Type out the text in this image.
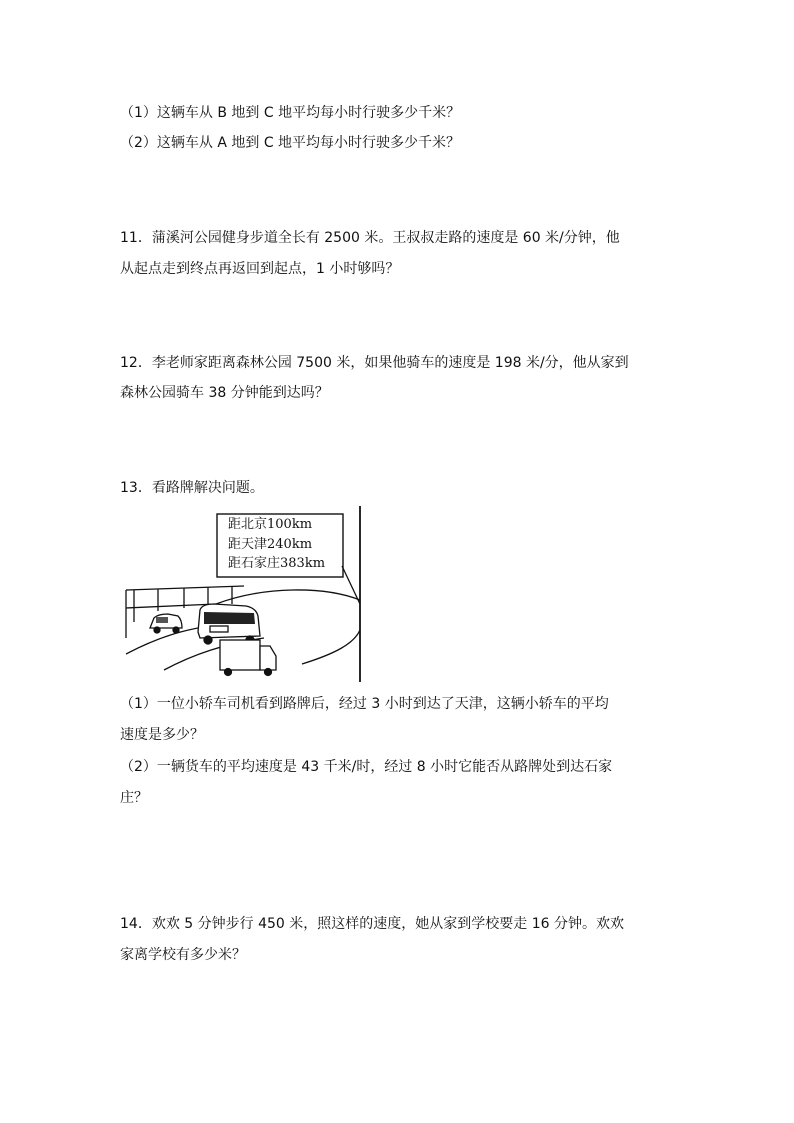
（1）这辆车从 B 地到 C 地平均每小时行驶多少千米？

（2）这辆车从 A 地到 C 地平均每小时行驶多少千米？

11．蒲溪河公园健身步道全长有 2500 米。王叔叔走路的速度是 60 米/分钟，他

从起点走到终点再返回到起点，1 小时够吗？

12．李老师家距离森林公园 7500 米，如果他骑车的速度是 198 米/分，他从家到

森林公园骑车 38 分钟能到达吗？

13．看路牌解决问题。

距北京100km
距天津240km
距石家庄383km

（1）一位小轿车司机看到路牌后，经过 3 小时到达了天津，这辆小轿车的平均

速度是多少？

（2）一辆货车的平均速度是 43 千米/时，经过 8 小时它能否从路牌处到达石家

庄？

14．欢欢 5 分钟步行 450 米，照这样的速度，她从家到学校要走 16 分钟。欢欢

家离学校有多少米？
